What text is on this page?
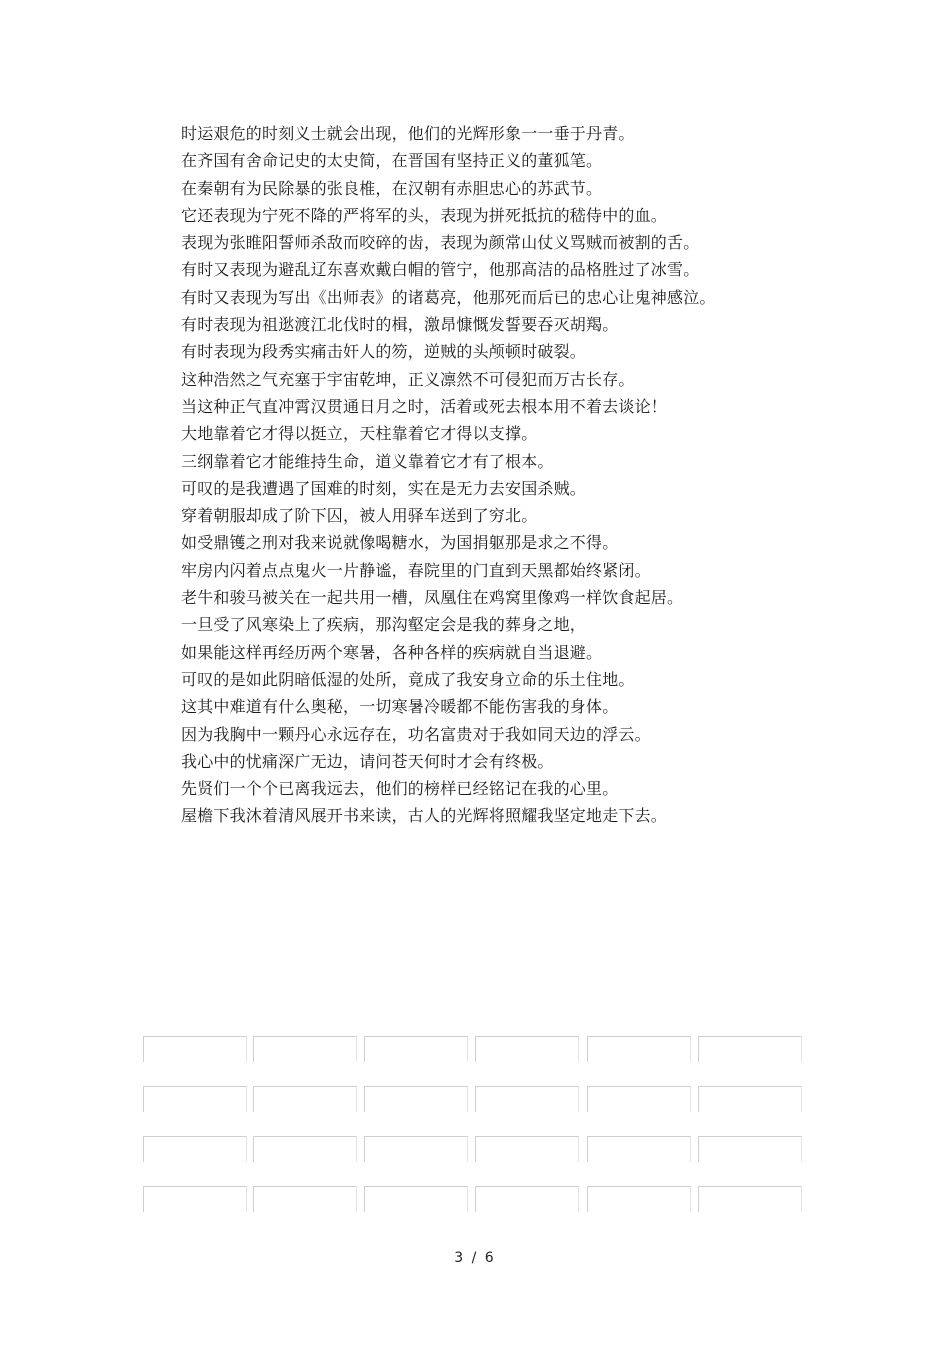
时运艰危的时刻义士就会出现，他们的光辉形象一一垂于丹青。
在齐国有舍命记史的太史简，在晋国有坚持正义的董狐笔。
在秦朝有为民除暴的张良椎，在汉朝有赤胆忠心的苏武节。
它还表现为宁死不降的严将军的头，表现为拼死抵抗的嵇侍中的血。
表现为张睢阳誓师杀敌而咬碎的齿，表现为颜常山仗义骂贼而被割的舌。
有时又表现为避乱辽东喜欢戴白帽的管宁，他那高洁的品格胜过了冰雪。
有时又表现为写出《出师表》的诸葛亮，他那死而后已的忠心让鬼神感泣。
有时表现为祖逖渡江北伐时的楫，激昂慷慨发誓要吞灭胡羯。
有时表现为段秀实痛击奸人的笏，逆贼的头颅顿时破裂。
这种浩然之气充塞于宇宙乾坤，正义凛然不可侵犯而万古长存。
当这种正气直冲霄汉贯通日月之时，活着或死去根本用不着去谈论！
大地靠着它才得以挺立，天柱靠着它才得以支撑。
三纲靠着它才能维持生命，道义靠着它才有了根本。
可叹的是我遭遇了国难的时刻，实在是无力去安国杀贼。
穿着朝服却成了阶下囚，被人用驿车送到了穷北。
如受鼎镬之刑对我来说就像喝糖水，为国捐躯那是求之不得。
牢房内闪着点点鬼火一片静谧，春院里的门直到天黑都始终紧闭。
老牛和骏马被关在一起共用一槽，凤凰住在鸡窝里像鸡一样饮食起居。
一旦受了风寒染上了疾病，那沟壑定会是我的葬身之地，
如果能这样再经历两个寒暑，各种各样的疾病就自当退避。
可叹的是如此阴暗低湿的处所，竟成了我安身立命的乐土住地。
这其中难道有什么奥秘，一切寒暑冷暖都不能伤害我的身体。
因为我胸中一颗丹心永远存在，功名富贵对于我如同天边的浮云。
我心中的忧痛深广无边，请问苍天何时才会有终极。
先贤们一个个已离我远去，他们的榜样已经铭记在我的心里。
屋檐下我沐着清风展开书来读，古人的光辉将照耀我坚定地走下去。
3 / 6
